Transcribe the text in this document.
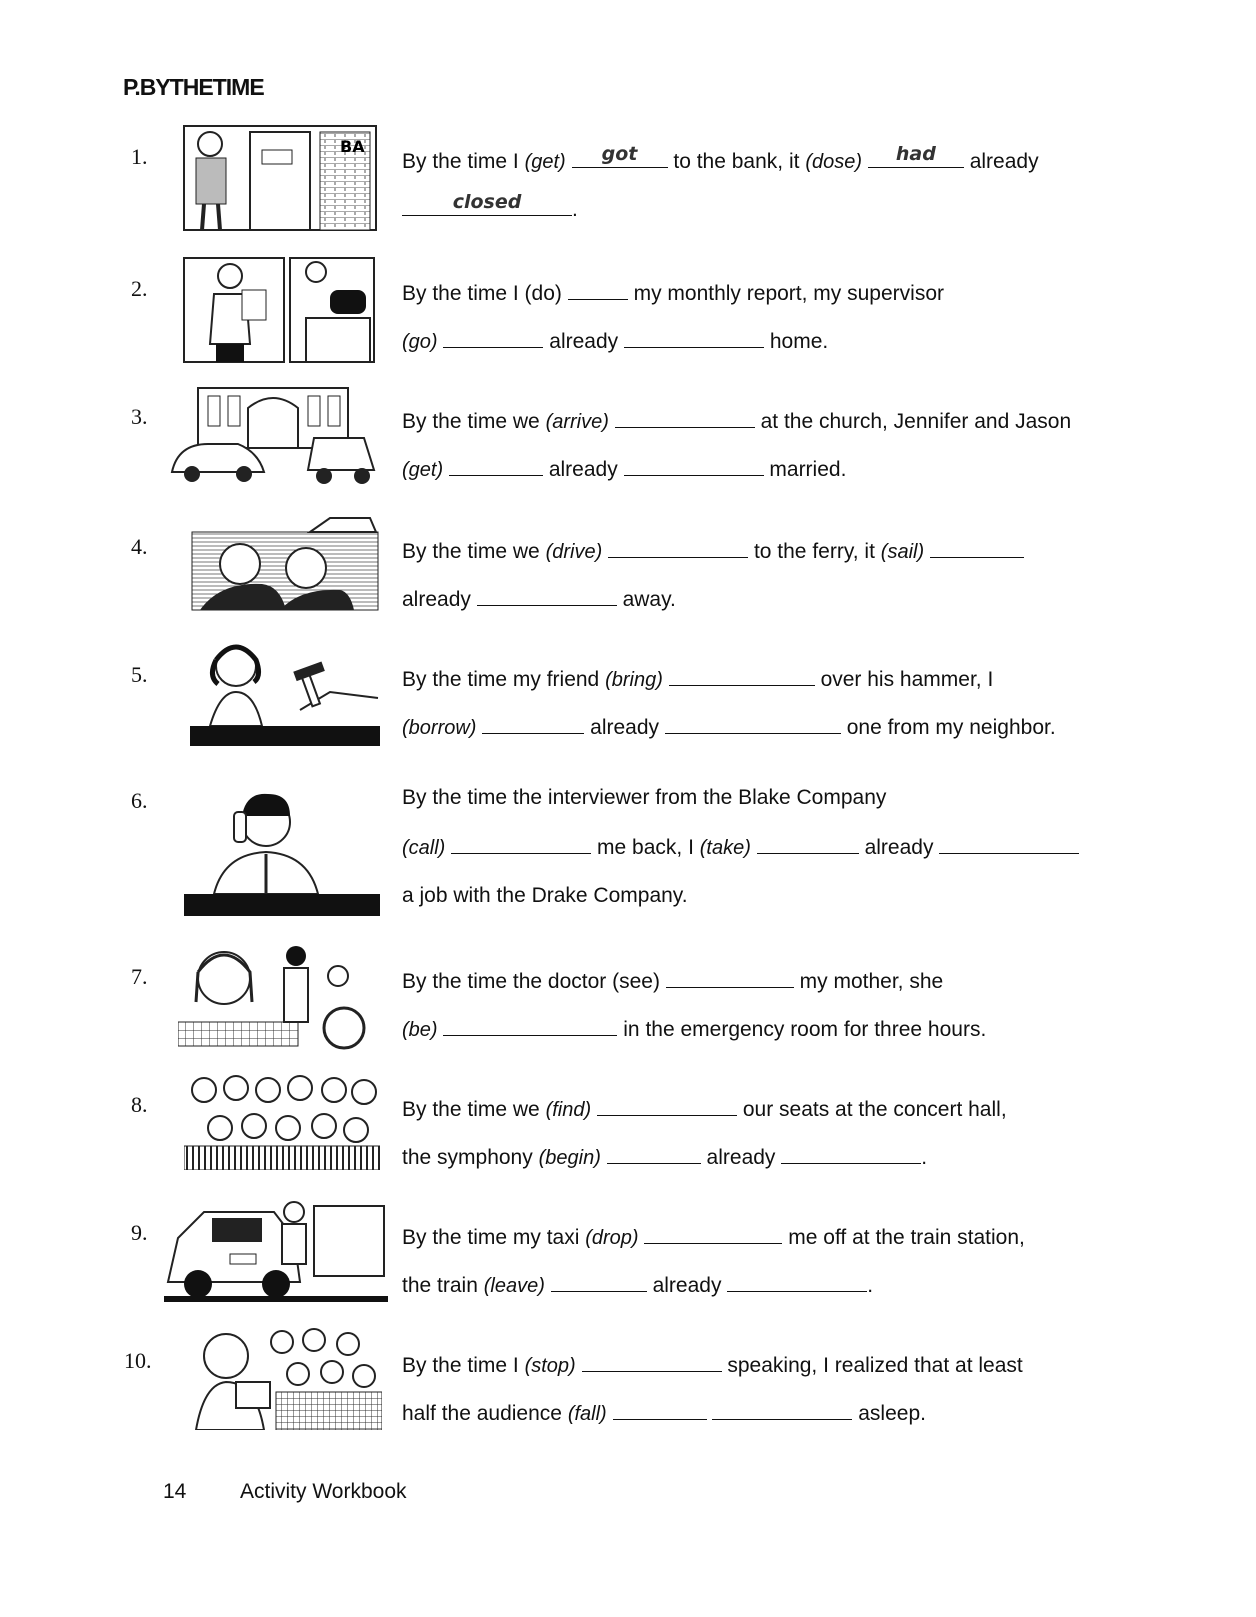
P.BYTHETIME
1.	BA
By the time I (get)	got	to the bank, it (dose)	had	already
closed	.
2.	By the time I (do)	my monthly report, my supervisor
(go)	already	home.
3.	By the time we (arrive)	at the church, Jennifer and Jason
(get)	already	married.
4.	By the time we (drive)	to the ferry, it (sail)
already	away.
5.	By the time my friend (bring)	over his hammer, I
(borrow)	already	one from my neighbor.
6.	By the time the interviewer from the Blake Company
(call)	me back, I (take)	already
a job with the Drake Company.
7.	By the time the doctor (see)	my mother, she
(be)	in the emergency room for three hours.
8.	By the time we (find)	our seats at the concert hall,
the symphony (begin)	already	.
9.	By the time my taxi (drop)	me off at the train station,
the train (leave)	already	.
10.	By the time I (stop)	speaking, I realized that at least
half the audience (fall)	asleep.
14	Activity Workbook
